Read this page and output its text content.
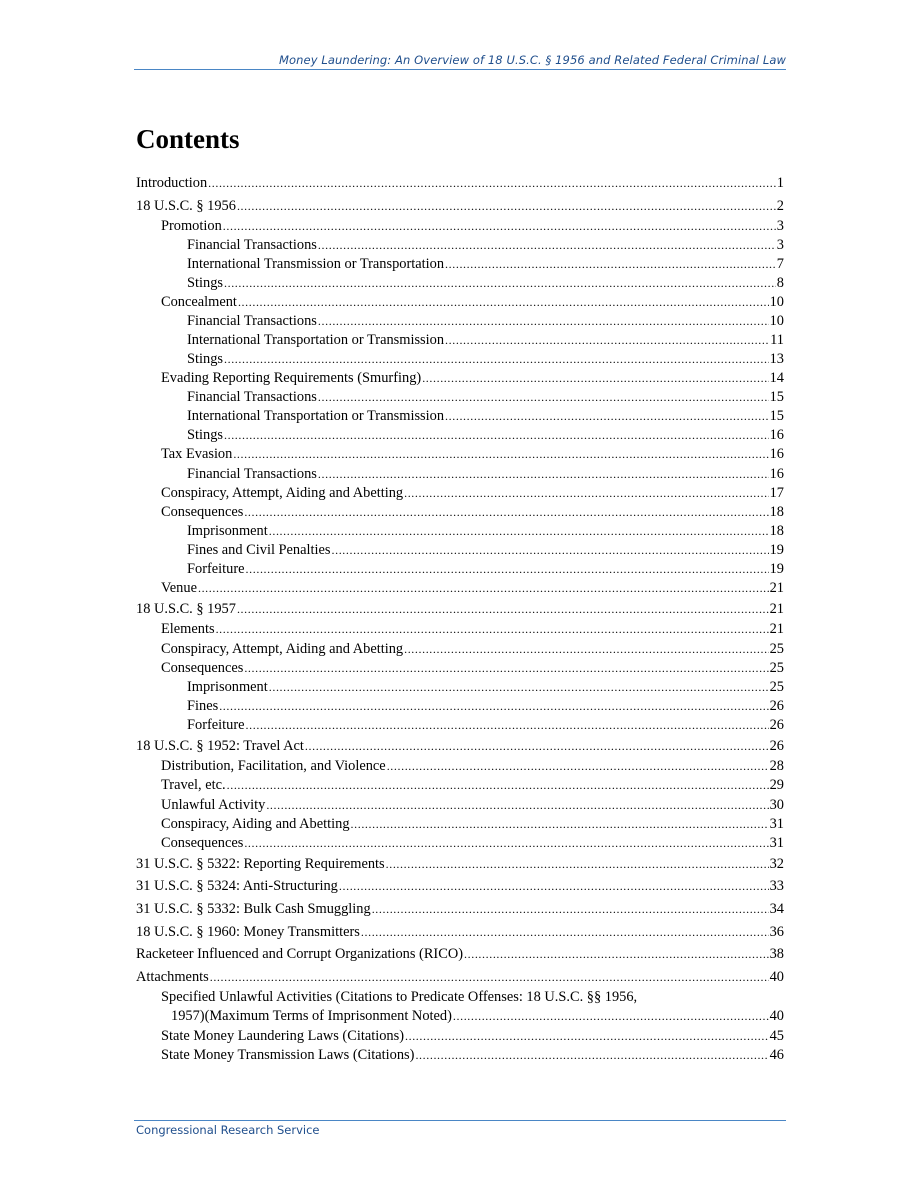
Money Laundering: An Overview of 18 U.S.C. § 1956 and Related Federal Criminal Law
Contents
Introduction . . .	1
18 U.S.C. § 1956 . . .	2
Promotion . . .	3
Financial Transactions . . .	3
International Transmission or Transportation . . .	7
Stings . . .	8
Concealment . . .	10
Financial Transactions . . .	10
International Transportation or Transmission . . .	11
Stings . . .	13
Evading Reporting Requirements (Smurfing) . . .	14
Financial Transactions . . .	15
International Transportation or Transmission . . .	15
Stings . . .	16
Tax Evasion . . .	16
Financial Transactions . . .	16
Conspiracy, Attempt, Aiding and Abetting . . .	17
Consequences . . .	18
Imprisonment . . .	18
Fines and Civil Penalties . . .	19
Forfeiture . . .	19
Venue . . .	21
18 U.S.C. § 1957 . . .	21
Elements . . .	21
Conspiracy, Attempt, Aiding and Abetting . . .	25
Consequences . . .	25
Imprisonment . . .	25
Fines . . .	26
Forfeiture . . .	26
18 U.S.C. § 1952: Travel Act . . .	26
Distribution, Facilitation, and Violence . . .	28
Travel, etc. . . .	29
Unlawful Activity . . .	30
Conspiracy, Aiding and Abetting . . .	31
Consequences . . .	31
31 U.S.C. § 5322: Reporting Requirements . . .	32
31 U.S.C. § 5324: Anti-Structuring . . .	33
31 U.S.C. § 5332: Bulk Cash Smuggling . . .	34
18 U.S.C. § 1960: Money Transmitters . . .	36
Racketeer Influenced and Corrupt Organizations (RICO) . . .	38
Attachments . . .	40
Specified Unlawful Activities (Citations to Predicate Offenses: 18 U.S.C. §§ 1956,
1957)(Maximum Terms of Imprisonment Noted) . . .	40
State Money Laundering Laws (Citations) . . .	45
State Money Transmission Laws (Citations) . . .	46
Congressional Research Service
